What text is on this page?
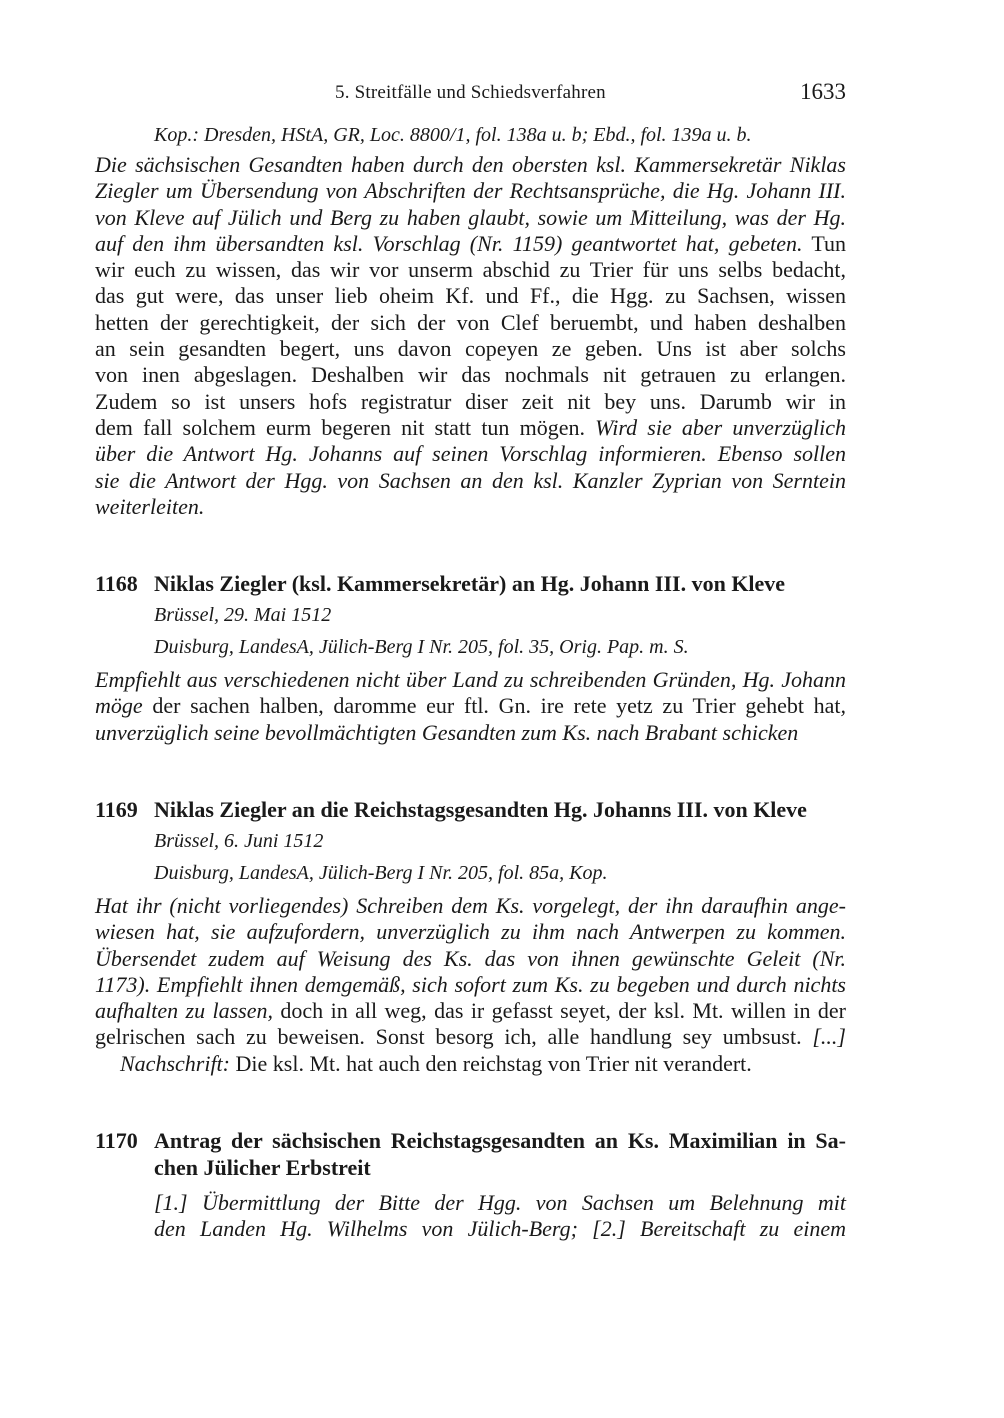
5. Streitfälle und Schiedsverfahren	1633

Kop.: Dresden, HStA, GR, Loc. 8800/1, fol. 138a u. b; Ebd., fol. 139a u. b.

Die sächsischen Gesandten haben durch den obersten ksl. Kammersekretär Niklas
Ziegler um Übersendung von Abschriften der Rechtsansprüche, die Hg. Johann III.
von Kleve auf Jülich und Berg zu haben glaubt, sowie um Mitteilung, was der Hg.
auf den ihm übersandten ksl. Vorschlag (Nr. 1159) geantwortet hat, gebeten. Tun
wir euch zu wissen, das wir vor unserm abschid zu Trier für uns selbs bedacht,
das gut were, das unser lieb oheim Kf. und Ff., die Hgg. zu Sachsen, wissen
hetten der gerechtigkeit, der sich der von Clef beruembt, und haben deshalben
an sein gesandten begert, uns davon copeyen ze geben. Uns ist aber solchs
von inen abgeslagen. Deshalben wir das nochmals nit getrauen zu erlangen.
Zudem so ist unsers hofs registratur diser zeit nit bey uns. Darumb wir in
dem fall solchem eurm begeren nit statt tun mögen. Wird sie aber unverzüglich
über die Antwort Hg. Johanns auf seinen Vorschlag informieren. Ebenso sollen
sie die Antwort der Hgg. von Sachsen an den ksl. Kanzler Zyprian von Serntein
weiterleiten.
1168 Niklas Ziegler (ksl. Kammersekretär) an Hg. Johann III. von Kleve

Brüssel, 29. Mai 1512

Duisburg, LandesA, Jülich-Berg I Nr. 205, fol. 35, Orig. Pap. m. S.

Empfiehlt aus verschiedenen nicht über Land zu schreibenden Gründen, Hg. Johann
möge der sachen halben, daromme eur ftl. Gn. ire rete yetz zu Trier gehebt hat,
unverzüglich seine bevollmächtigten Gesandten zum Ks. nach Brabant schicken
1169 Niklas Ziegler an die Reichstagsgesandten Hg. Johanns III. von Kleve

Brüssel, 6. Juni 1512

Duisburg, LandesA, Jülich-Berg I Nr. 205, fol. 85a, Kop.

Hat ihr (nicht vorliegendes) Schreiben dem Ks. vorgelegt, der ihn daraufhin ange-
wiesen hat, sie aufzufordern, unverzüglich zu ihm nach Antwerpen zu kommen.
Übersendet zudem auf Weisung des Ks. das von ihnen gewünschte Geleit (Nr.
1173). Empfiehlt ihnen demgemäß, sich sofort zum Ks. zu begeben und durch nichts
aufhalten zu lassen, doch in all weg, das ir gefasst seyet, der ksl. Mt. willen in der
gelrischen sach zu beweisen. Sonst besorg ich, alle handlung sey umbsust. [...]
Nachschrift: Die ksl. Mt. hat auch den reichstag von Trier nit verandert.
1170 Antrag der sächsischen Reichstagsgesandten an Ks. Maximilian in Sa-
chen Jülicher Erbstreit
[1.] Übermittlung der Bitte der Hgg. von Sachsen um Belehnung mit
den Landen Hg. Wilhelms von Jülich-Berg; [2.] Bereitschaft zu einem
